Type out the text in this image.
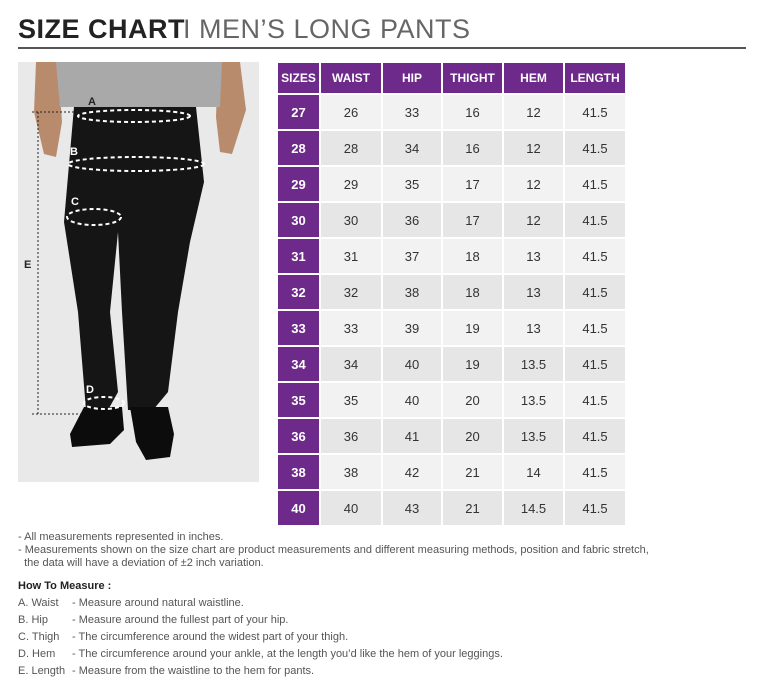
SIZE CHART
I MEN’S LONG PANTS
A
B
C
D
E
SIZES	WAIST	HIP	THIGHT	HEM	LENGTH
27	26	33	16	12	41.5
28	28	34	16	12	41.5
29	29	35	17	12	41.5
30	30	36	17	12	41.5
31	31	37	18	13	41.5
32	32	38	18	13	41.5
33	33	39	19	13	41.5
34	34	40	19	13.5	41.5
35	35	40	20	13.5	41.5
36	36	41	20	13.5	41.5
38	38	42	21	14	41.5
40	40	43	21	14.5	41.5

- All measurements represented in inches.

- Measurements shown on the size chart are product measurements and different measuring methods, position and fabric stretch,

the data will have a deviation of ±2 inch variation.

How To Measure :
A. Waist	- Measure around natural waistline.
B. Hip	- Measure around the fullest part of your hip.
C. Thigh	- The circumference around the widest part of your thigh.
D. Hem	- The circumference around your ankle, at the length you’d like the hem of your leggings.
E. Length - Measure from the waistline to the hem for pants.
